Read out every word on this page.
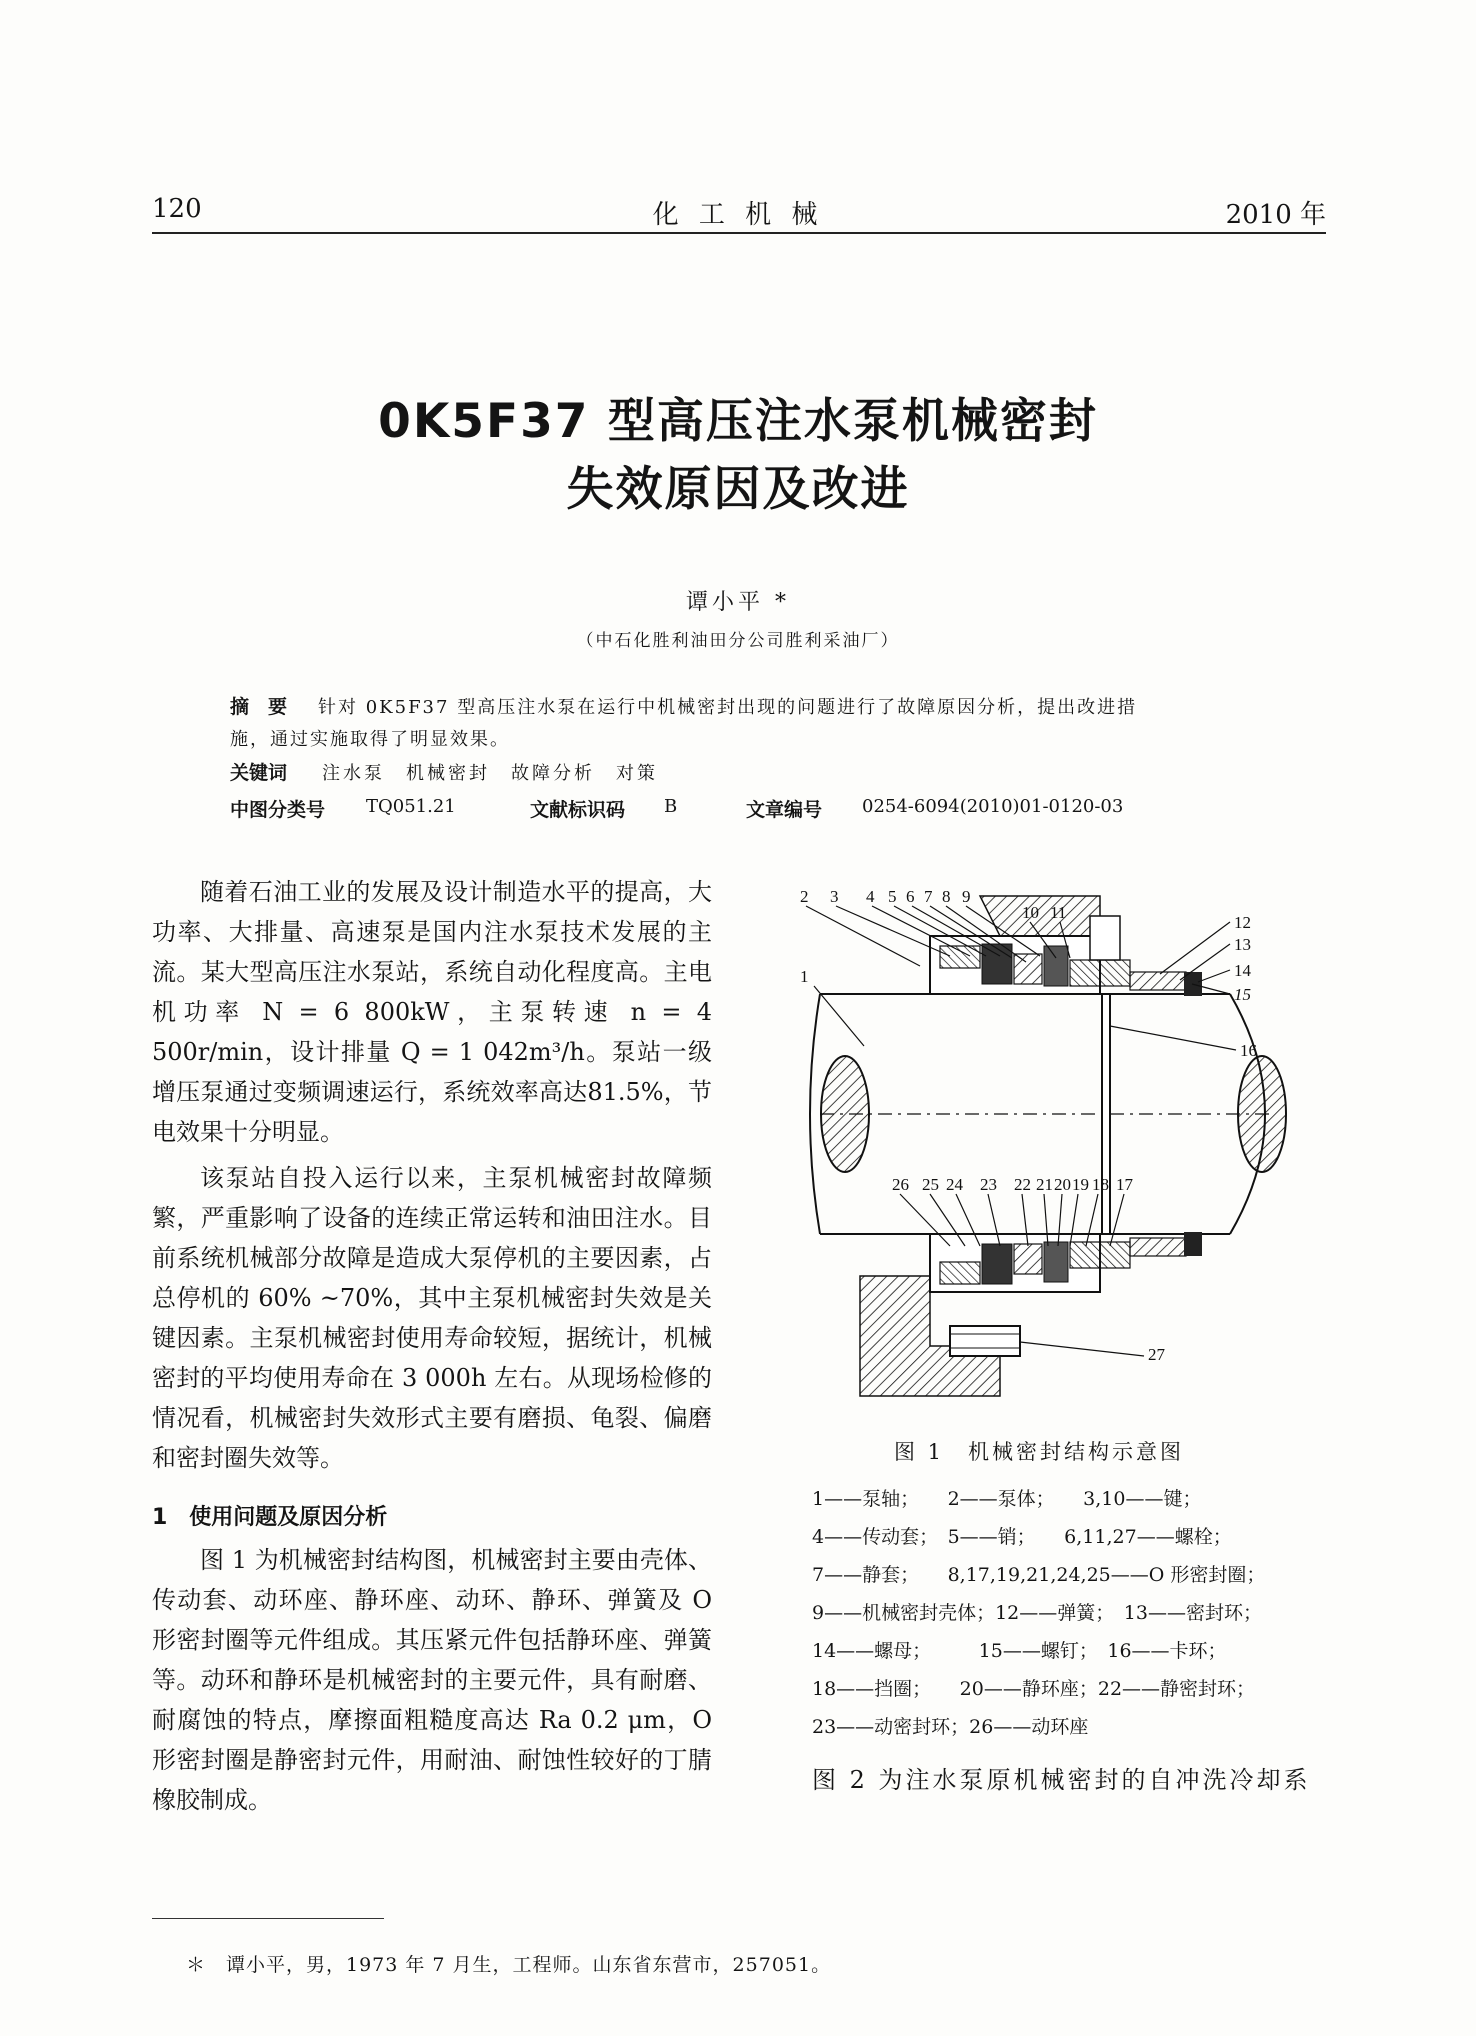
120	化 工 机 械	2010 年
0K5F37 型高压注水泵机械密封
失效原因及改进
谭小平 *
（中石化胜利油田分公司胜利采油厂）
摘　要 针对 0K5F37 型高压注水泵在运行中机械密封出现的问题进行了故障原因分析，提出改进措
施，通过实施取得了明显效果。
关键词 注水泵　机械密封　故障分析　对策
中图分类号 TQ051.21	文献标识码 B	文章编号 0254-6094(2010)01-0120-03

随着石油工业的发展及设计制造水平的提高，大功率、大排量、高速泵是国内注水泵技术发展的主流。某大型高压注水泵站，系统自动化程度高。主电机功率 N = 6 800kW，主泵转速 n = 4 500r/min，设计排量 Q = 1 042m³/h。泵站一级增压泵通过变频调速运行，系统效率高达81.5%，节电效果十分明显。

该泵站自投入运行以来，主泵机械密封故障频繁，严重影响了设备的连续正常运转和油田注水。目前系统机械部分故障是造成大泵停机的主要因素，占总停机的 60% ~70%，其中主泵机械密封失效是关键因素。主泵机械密封使用寿命较短，据统计，机械密封的平均使用寿命在 3 000h 左右。从现场检修的情况看，机械密封失效形式主要有磨损、龟裂、偏磨和密封圈失效等。

1　使用问题及原因分析

图 1 为机械密封结构图，机械密封主要由壳体、传动套、动环座、静环座、动环、静环、弹簧及 O 形密封圈等元件组成。其压紧元件包括静环座、弹簧等。动环和静环是机械密封的主要元件，具有耐磨、耐腐蚀的特点，摩擦面粗糙度高达 Ra 0.2 μm，O 形密封圈是静密封元件，用耐油、耐蚀性较好的丁腈橡胶制成。

2 3 4 5 6 7 8 9
10 11
1
12
13
14
15
16
26 25 24 23 22 21 20 19 18 17
27
图 1　机械密封结构示意图
1——泵轴；　　2——泵体；　　3,10——键；
4——传动套；　5——销；　　6,11,27——螺栓；
7——静套；　　8,17,19,21,24,25——O 形密封圈；
9——机械密封壳体；12——弹簧；　13——密封环；
14——螺母；　　　15——螺钉；　16——卡环；
18——挡圈；　　20——静环座；22——静密封环；
23——动密封环；26——动环座
图 2 为注水泵原机械密封的自冲洗冷却系
＊　谭小平，男，1973 年 7 月生，工程师。山东省东营市，257051。
